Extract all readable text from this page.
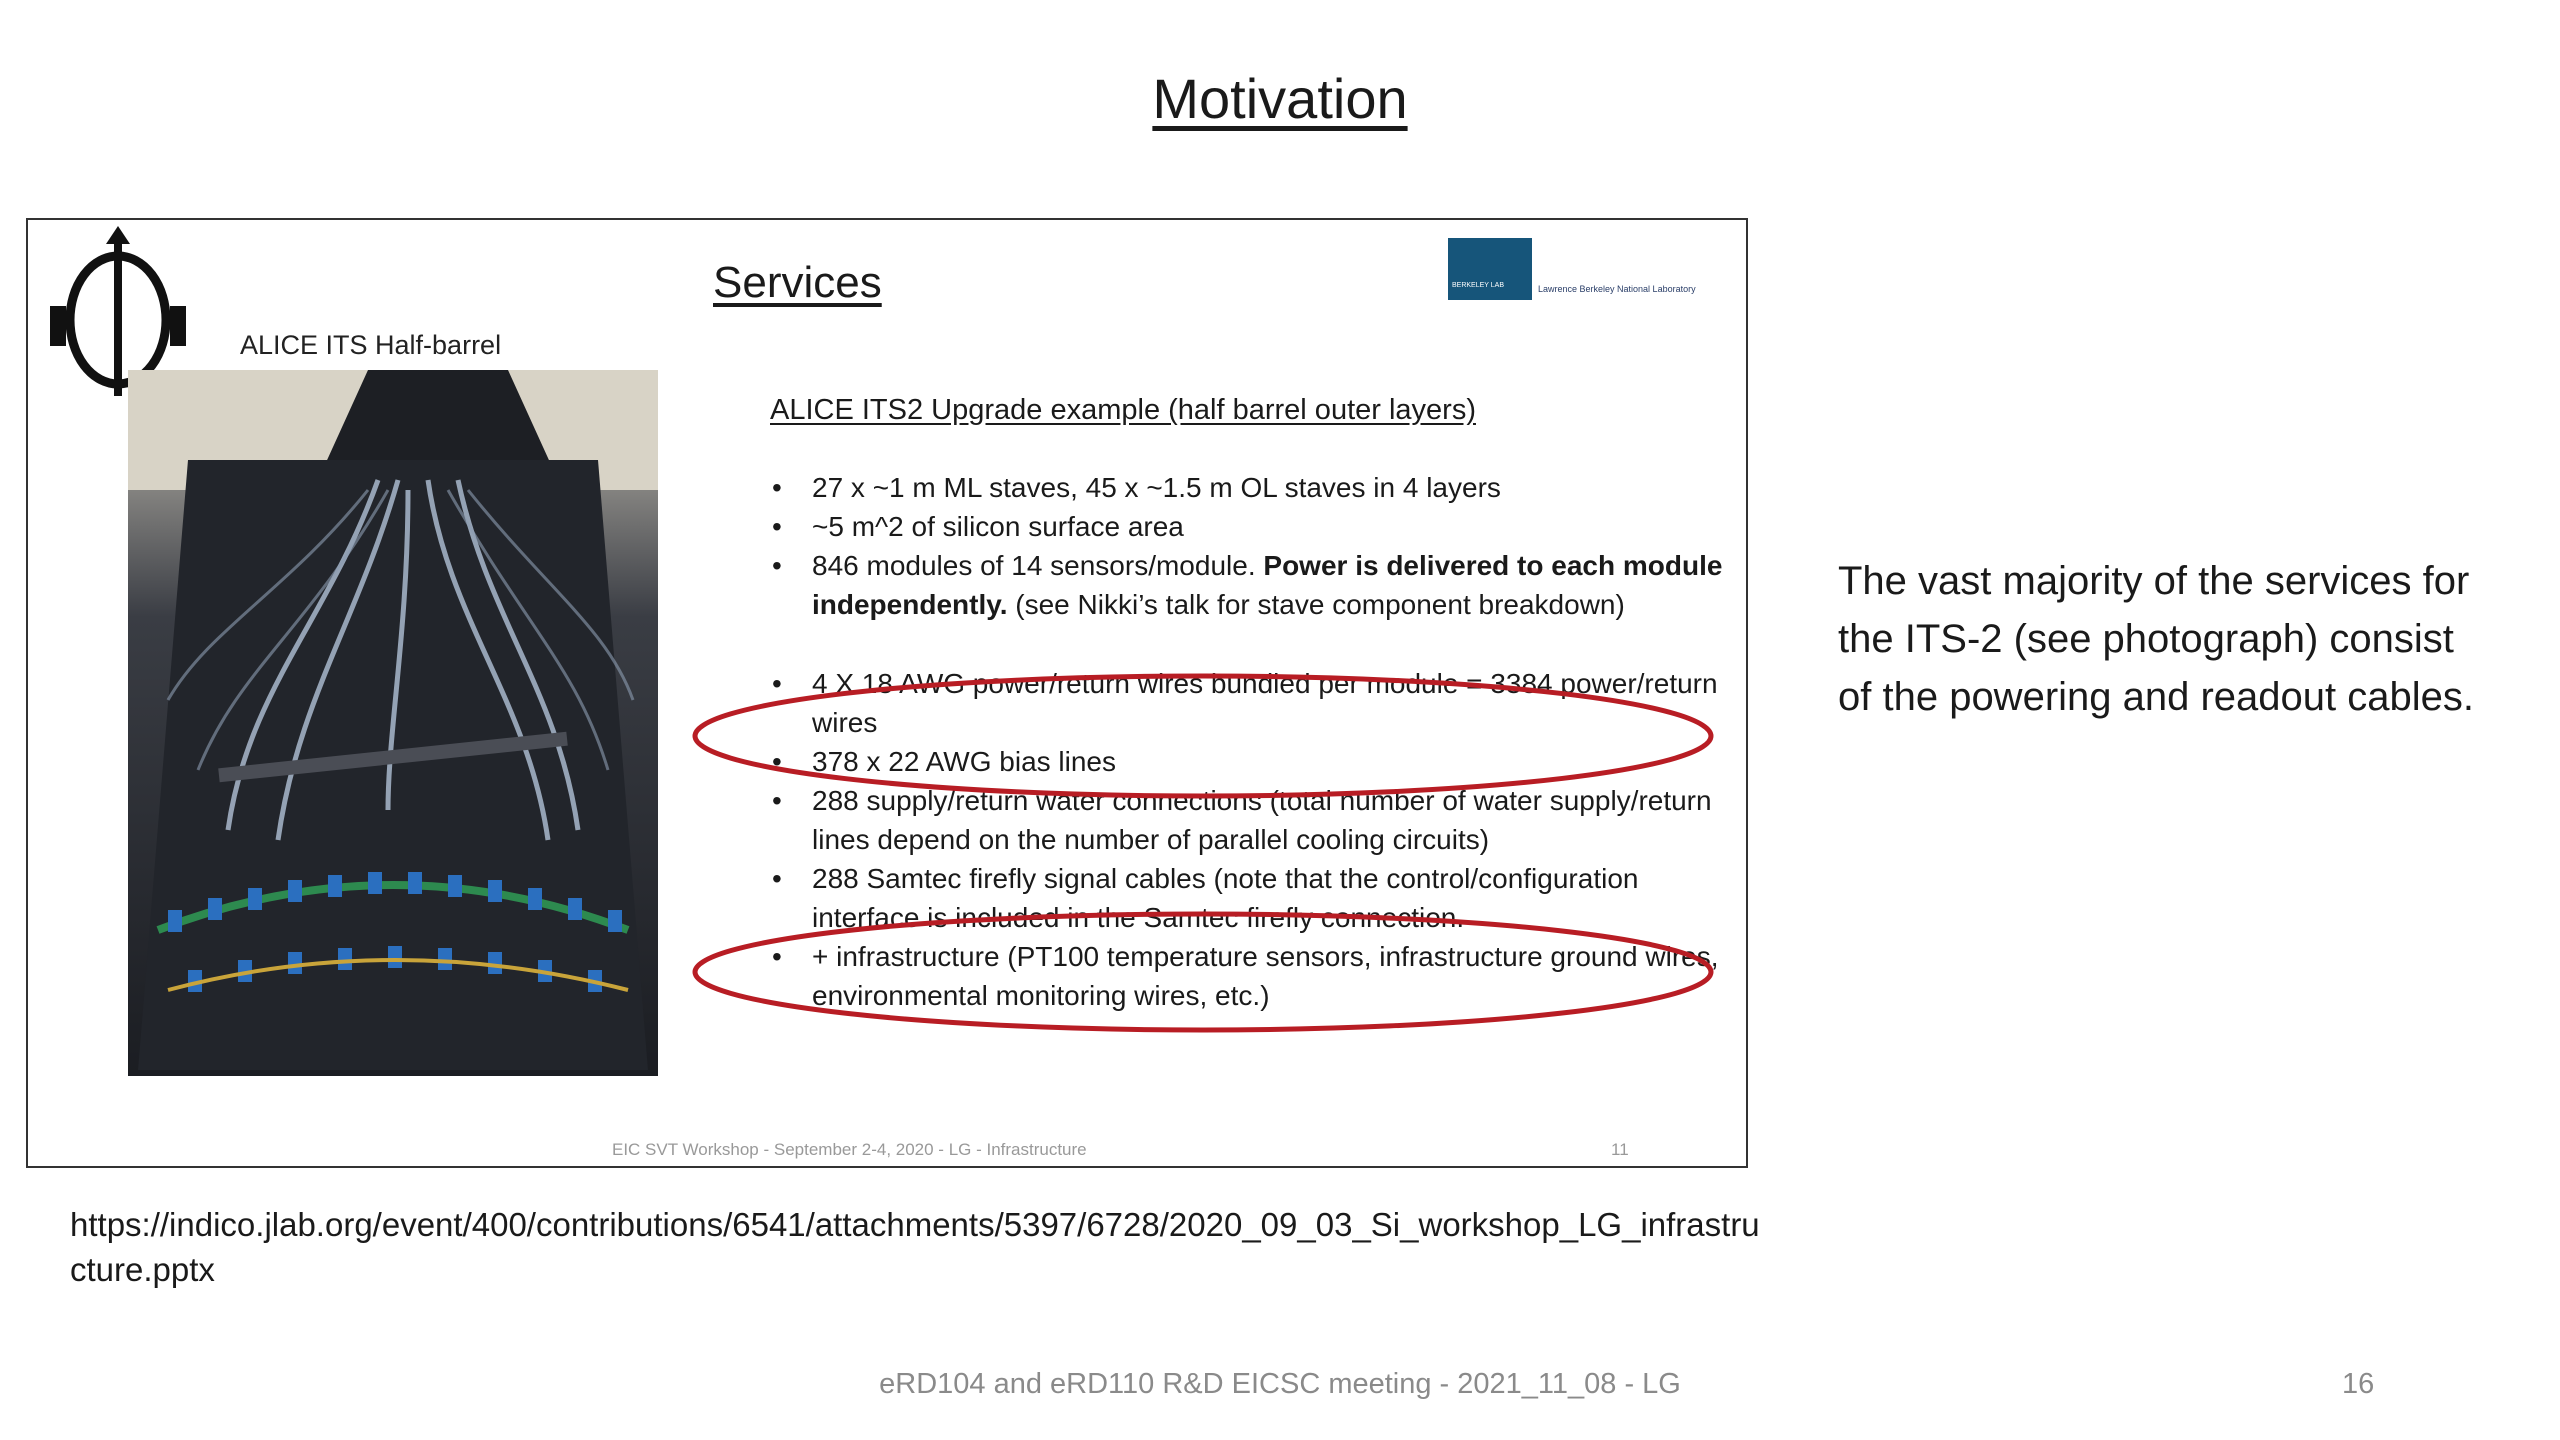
Motivation
ALICE ITS Half-barrel
Services	BERKELEY LAB	Lawrence Berkeley National Laboratory
ALICE ITS2 Upgrade example (half barrel outer layers)
• 27 x ~1 m ML staves, 45 x ~1.5 m OL staves in 4 layers
• ~5 m^2 of silicon surface area
• 846 modules of 14 sensors/module. Power is delivered to each module independently. (see Nikki’s talk for stave component breakdown)
• 4 X 18 AWG power/return wires bundled per module = 3384 power/return wires
• 378 x 22 AWG bias lines
• 288 supply/return water connections (total number of water supply/return lines depend on the number of parallel cooling circuits)
• 288 Samtec firefly signal cables (note that the control/configuration interface is included in the Samtec firefly connection.
• + infrastructure (PT100 temperature sensors, infrastructure ground wires, environmental monitoring wires, etc.)
EIC SVT Workshop - September 2-4, 2020 - LG - Infrastructure	11
https://indico.jlab.org/event/400/contributions/6541/attachments/5397/6728/2020_09_03_Si_workshop_LG_infrastructure.pptx
The vast majority of the services for the ITS-2 (see photograph) consist of the powering and readout cables.
eRD104 and eRD110 R&D EICSC meeting - 2021_11_08 - LG	16
